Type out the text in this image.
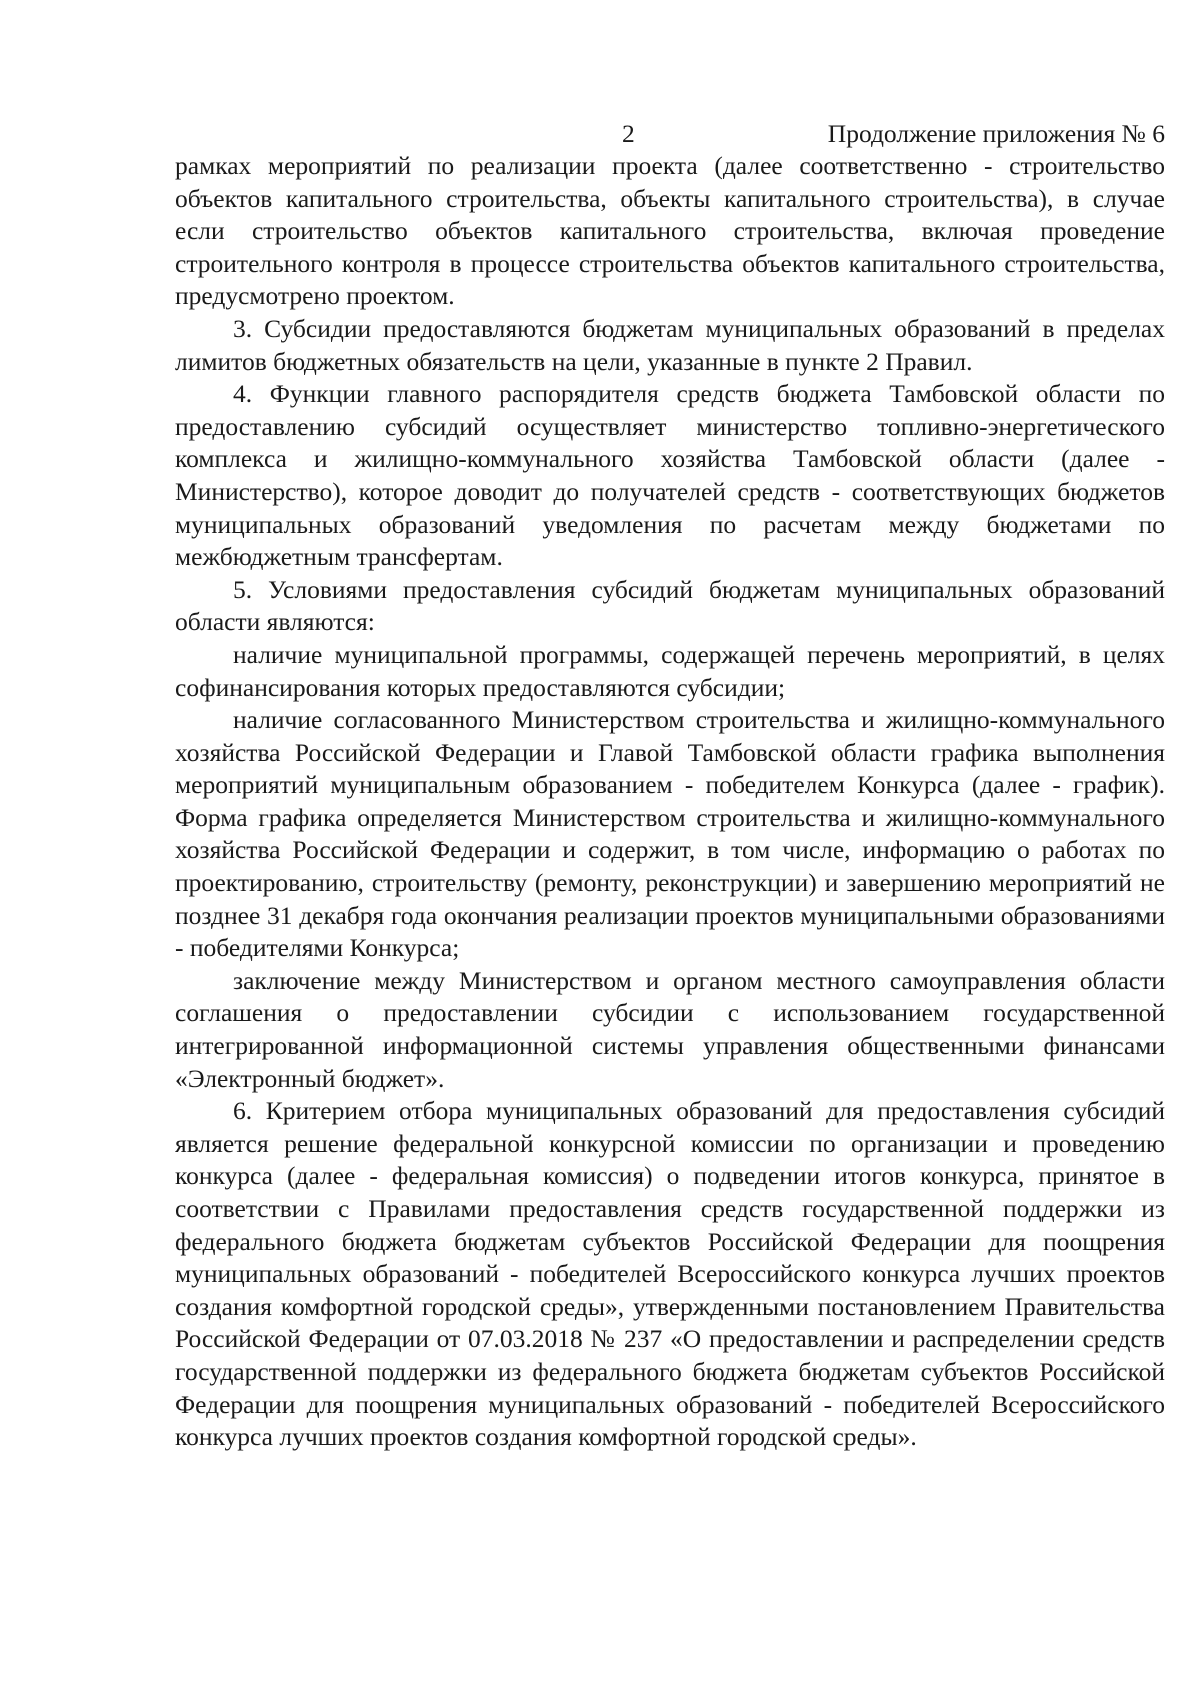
2	Продолжение приложения № 6

рамках мероприятий по реализации проекта (далее соответственно - строительство объектов капитального строительства, объекты капитального строительства), в случае если строительство объектов капитального строительства, включая проведение строительного контроля в процессе строительства объектов капитального строительства, предусмотрено проектом.

3. Субсидии предоставляются бюджетам муниципальных образований в пределах лимитов бюджетных обязательств на цели, указанные в пункте 2 Правил.

4. Функции главного распорядителя средств бюджета Тамбовской области по предоставлению субсидий осуществляет министерство топливно-энергетического комплекса и жилищно-коммунального хозяйства Тамбовской области (далее - Министерство), которое доводит до получателей средств - соответствующих бюджетов муниципальных образований уведомления по расчетам между бюджетами по межбюджетным трансфертам.

5. Условиями предоставления субсидий бюджетам муниципальных образований области являются:

наличие муниципальной программы, содержащей перечень мероприятий, в целях софинансирования которых предоставляются субсидии;

наличие согласованного Министерством строительства и жилищно-коммунального хозяйства Российской Федерации и Главой Тамбовской области графика выполнения мероприятий муниципальным образованием - победителем Конкурса (далее - график). Форма графика определяется Министерством строительства и жилищно-коммунального хозяйства Российской Федерации и содержит, в том числе, информацию о работах по проектированию, строительству (ремонту, реконструкции) и завершению мероприятий не позднее 31 декабря года окончания реализации проектов муниципальными образованиями - победителями Конкурса;

заключение между Министерством и органом местного самоуправления области соглашения о предоставлении субсидии с использованием государственной интегрированной информационной системы управления общественными финансами «Электронный бюджет».

6. Критерием отбора муниципальных образований для предоставления субсидий является решение федеральной конкурсной комиссии по организации и проведению конкурса (далее - федеральная комиссия) о подведении итогов конкурса, принятое в соответствии с Правилами предоставления средств государственной поддержки из федерального бюджета бюджетам субъектов Российской Федерации для поощрения муниципальных образований - победителей Всероссийского конкурса лучших проектов создания комфортной городской среды», утвержденными постановлением Правительства Российской Федерации от 07.03.2018 № 237 «О предоставлении и распределении средств государственной поддержки из федерального бюджета бюджетам субъектов Российской Федерации для поощрения муниципальных образований - победителей Всероссийского конкурса лучших проектов создания комфортной городской среды».
